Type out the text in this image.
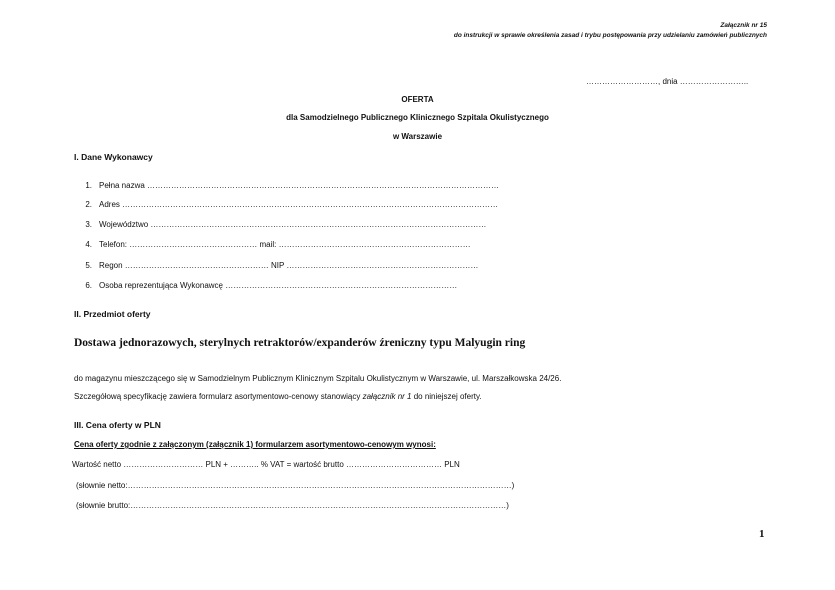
Załącznik nr 15
do instrukcji w sprawie określenia zasad i trybu postępowania przy udzielaniu zamówień publicznych
………………………, dnia ……………………..
OFERTA
dla Samodzielnego Publicznego Klinicznego Szpitala Okulistycznego
w Warszawie
I. Dane Wykonawcy
1. Pełna nazwa ……………………………………………………………………………………………………………………
2. Adres ……………………………………………………………………………………………………………………………
3. Województwo ………………………………………………………………………………………………………………
4. Telefon: ………………………………………… mail: ………………………………………………………………
5. Regon ……………………………………………… NIP ………………………………………………………………
6. Osoba reprezentująca Wykonawcę ……………………………………………………………………………
II. Przedmiot oferty
Dostawa jednorazowych, sterylnych retraktorów/expanderów źreniczny typu Malyugin ring
do magazynu mieszczącego się w Samodzielnym Publicznym Klinicznym Szpitalu Okulistycznym w Warszawie, ul. Marszałkowska 24/26.
Szczegółową specyfikację zawiera formularz asortymentowo-cenowy stanowiący załącznik nr 1 do niniejszej oferty.
III. Cena oferty w PLN
Cena oferty zgodnie z załączonym (załącznik 1) formularzem asortymentowo-cenowym wynosi:
Wartość netto ………………………… PLN + ……….. % VAT = wartość brutto ……………………………… PLN
(słownie netto:………………………………………………………………………………………………………………………………)
(słownie brutto:……………………………………………………………………………………………………………………………)
1
